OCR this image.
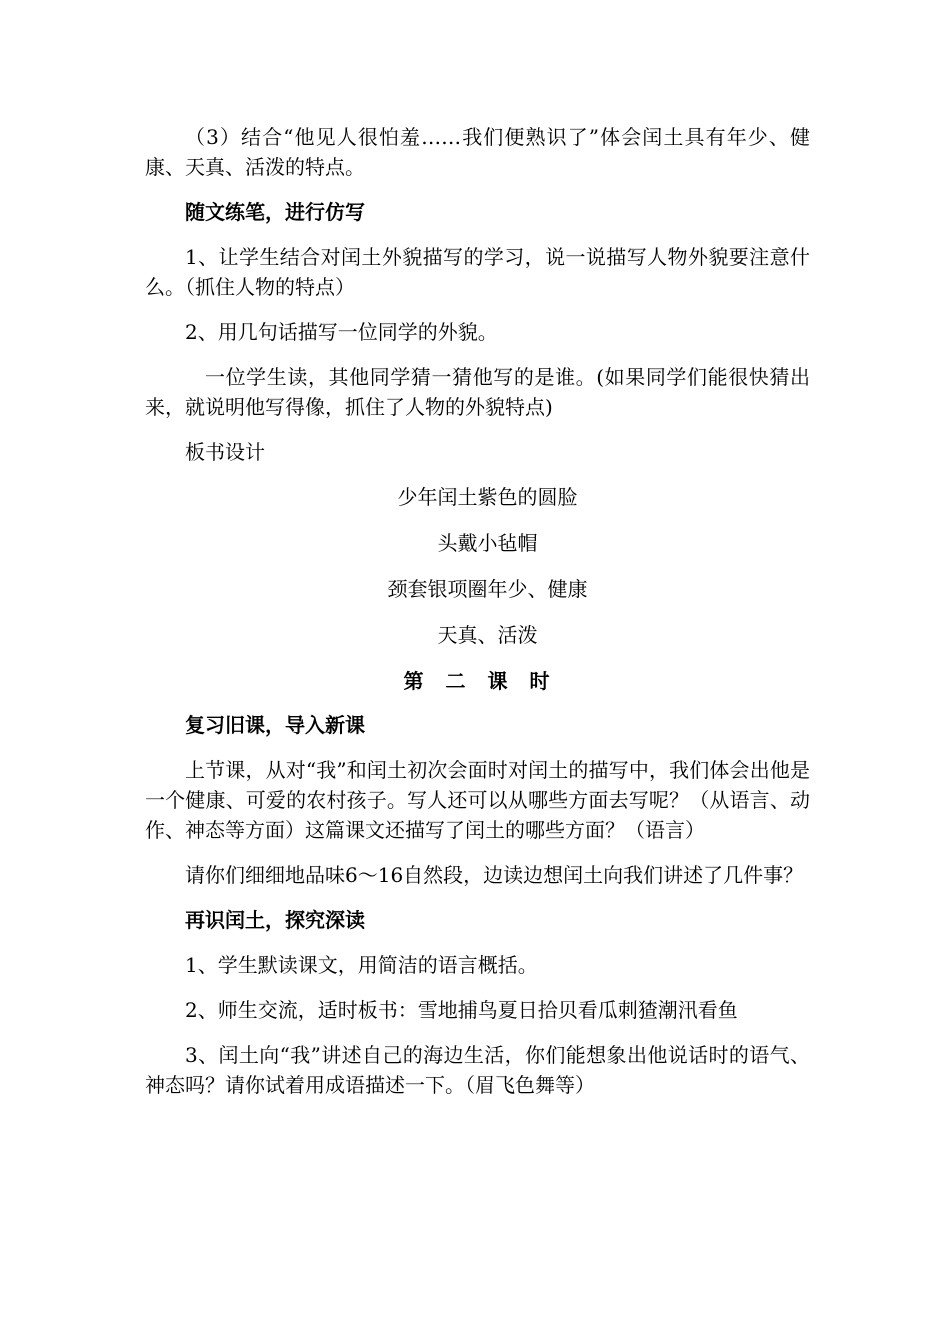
（3）结合“他见人很怕羞……我们便熟识了”体会闰土具有年少、健康、天真、活泼的特点。

随文练笔，进行仿写

1、让学生结合对闰土外貌描写的学习，说一说描写人物外貌要注意什么。（抓住人物的特点）

2、用几句话描写一位同学的外貌。

一位学生读，其他同学猜一猜他写的是谁。(如果同学们能很快猜出来，就说明他写得像，抓住了人物的外貌特点)

板书设计

少年闰土紫色的圆脸

头戴小毡帽

颈套银项圈年少、健康

天真、活泼

第二课时

复习旧课，导入新课

上节课，从对“我”和闰土初次会面时对闰土的描写中，我们体会出他是一个健康、可爱的农村孩子。写人还可以从哪些方面去写呢？（从语言、动作、神态等方面）这篇课文还描写了闰土的哪些方面？（语言）

请你们细细地品味6～16自然段，边读边想闰土向我们讲述了几件事？

再识闰土，探究深读

1、学生默读课文，用简洁的语言概括。

2、师生交流，适时板书：雪地捕鸟夏日拾贝看瓜刺猹潮汛看鱼

3、闰土向“我”讲述自己的海边生活，你们能想象出他说话时的语气、神态吗？请你试着用成语描述一下。（眉飞色舞等）
